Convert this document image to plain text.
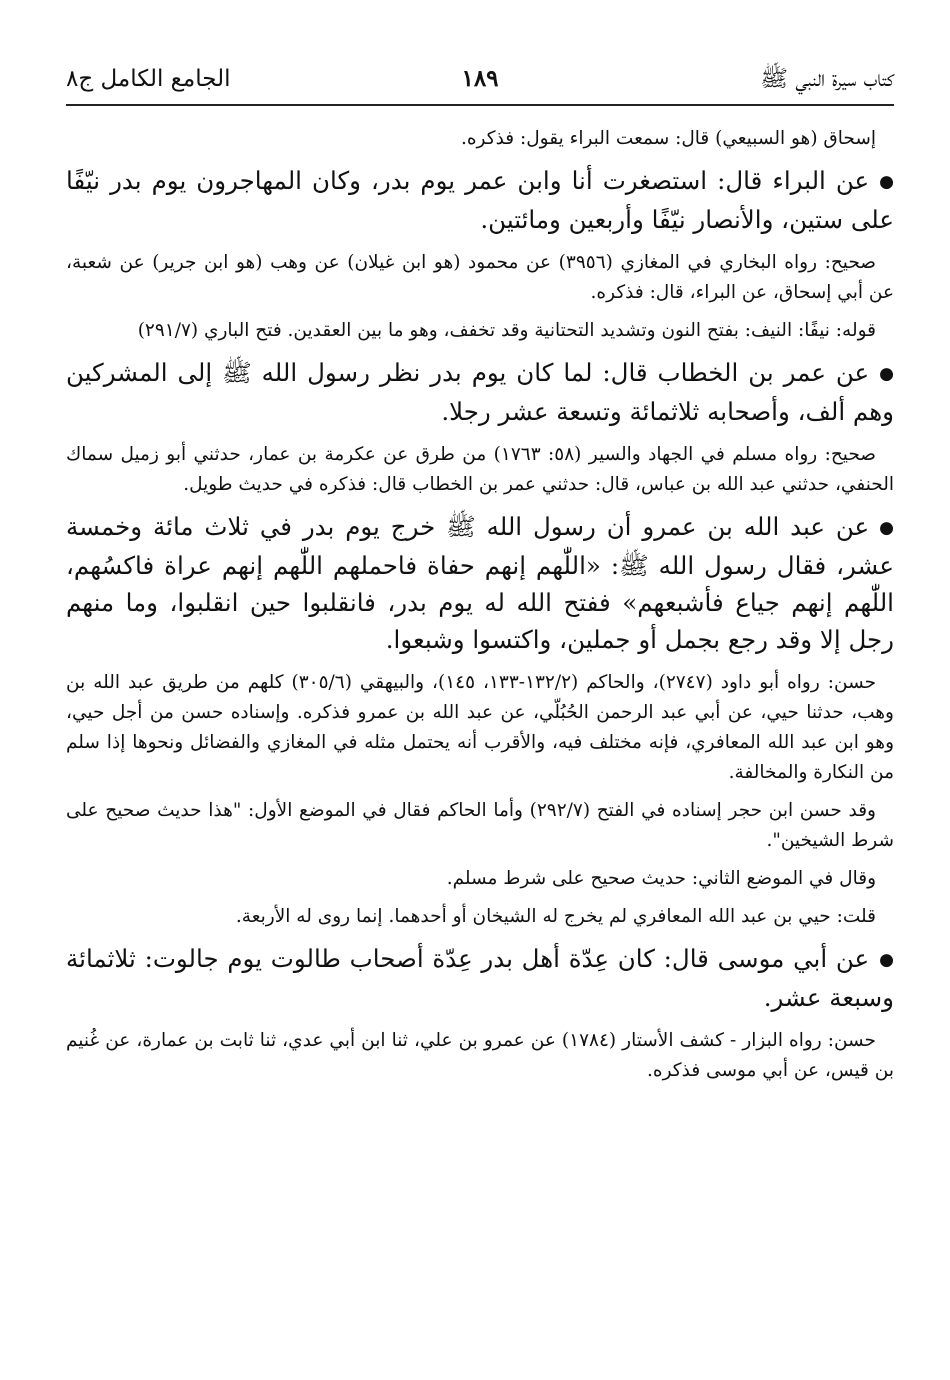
كتاب سيرة النبي ﷺ
١٨٩
الجامع الكامل ج٨

إسحاق (هو السبيعي) قال: سمعت البراء يقول: فذكره.

●عن البراء قال: استصغرت أنا وابن عمر يوم بدر، وكان المهاجرون يوم بدر نيّفًا على ستين، والأنصار نيّفًا وأربعين ومائتين.

صحيح: رواه البخاري في المغازي (٣٩٥٦) عن محمود (هو ابن غيلان) عن وهب (هو ابن جرير) عن شعبة، عن أبي إسحاق، عن البراء، قال: فذكره.

قوله: نيفًا: النيف: بفتح النون وتشديد التحتانية وقد تخفف، وهو ما بين العقدين. فتح الباري (٢٩١/٧)

●عن عمر بن الخطاب قال: لما كان يوم بدر نظر رسول الله ﷺ إلى المشركين وهم ألف، وأصحابه ثلاثمائة وتسعة عشر رجلا.

صحيح: رواه مسلم في الجهاد والسير (٥٨: ١٧٦٣) من طرق عن عكرمة بن عمار، حدثني أبو زميل سماك الحنفي، حدثني عبد الله بن عباس، قال: حدثني عمر بن الخطاب قال: فذكره في حديث طويل.

●عن عبد الله بن عمرو أن رسول الله ﷺ خرج يوم بدر في ثلاث مائة وخمسة عشر، فقال رسول الله ﷺ: «اللّٰهم إنهم حفاة فاحملهم اللّٰهم إنهم عراة فاكسُهم، اللّٰهم إنهم جياع فأشبعهم» ففتح الله له يوم بدر، فانقلبوا حين انقلبوا، وما منهم رجل إلا وقد رجع بجمل أو جملين، واكتسوا وشبعوا.

حسن: رواه أبو داود (٢٧٤٧)، والحاكم (١٣٢/٢-١٣٣، ١٤٥)، والبيهقي (٣٠٥/٦) كلهم من طريق عبد الله بن وهب، حدثنا حيي، عن أبي عبد الرحمن الحُبُلّي، عن عبد الله بن عمرو فذكره. وإسناده حسن من أجل حيي، وهو ابن عبد الله المعافري، فإنه مختلف فيه، والأقرب أنه يحتمل مثله في المغازي والفضائل ونحوها إذا سلم من النكارة والمخالفة.

وقد حسن ابن حجر إسناده في الفتح (٢٩٢/٧) وأما الحاكم فقال في الموضع الأول: "هذا حديث صحيح على شرط الشيخين".

وقال في الموضع الثاني: حديث صحيح على شرط مسلم.

قلت: حيي بن عبد الله المعافري لم يخرج له الشيخان أو أحدهما. إنما روى له الأربعة.

●عن أبي موسى قال: كان عِدّة أهل بدر عِدّة أصحاب طالوت يوم جالوت: ثلاثمائة وسبعة عشر.

حسن: رواه البزار - كشف الأستار (١٧٨٤) عن عمرو بن علي، ثنا ابن أبي عدي، ثنا ثابت بن عمارة، عن غُنيم بن قيس، عن أبي موسى فذكره.
